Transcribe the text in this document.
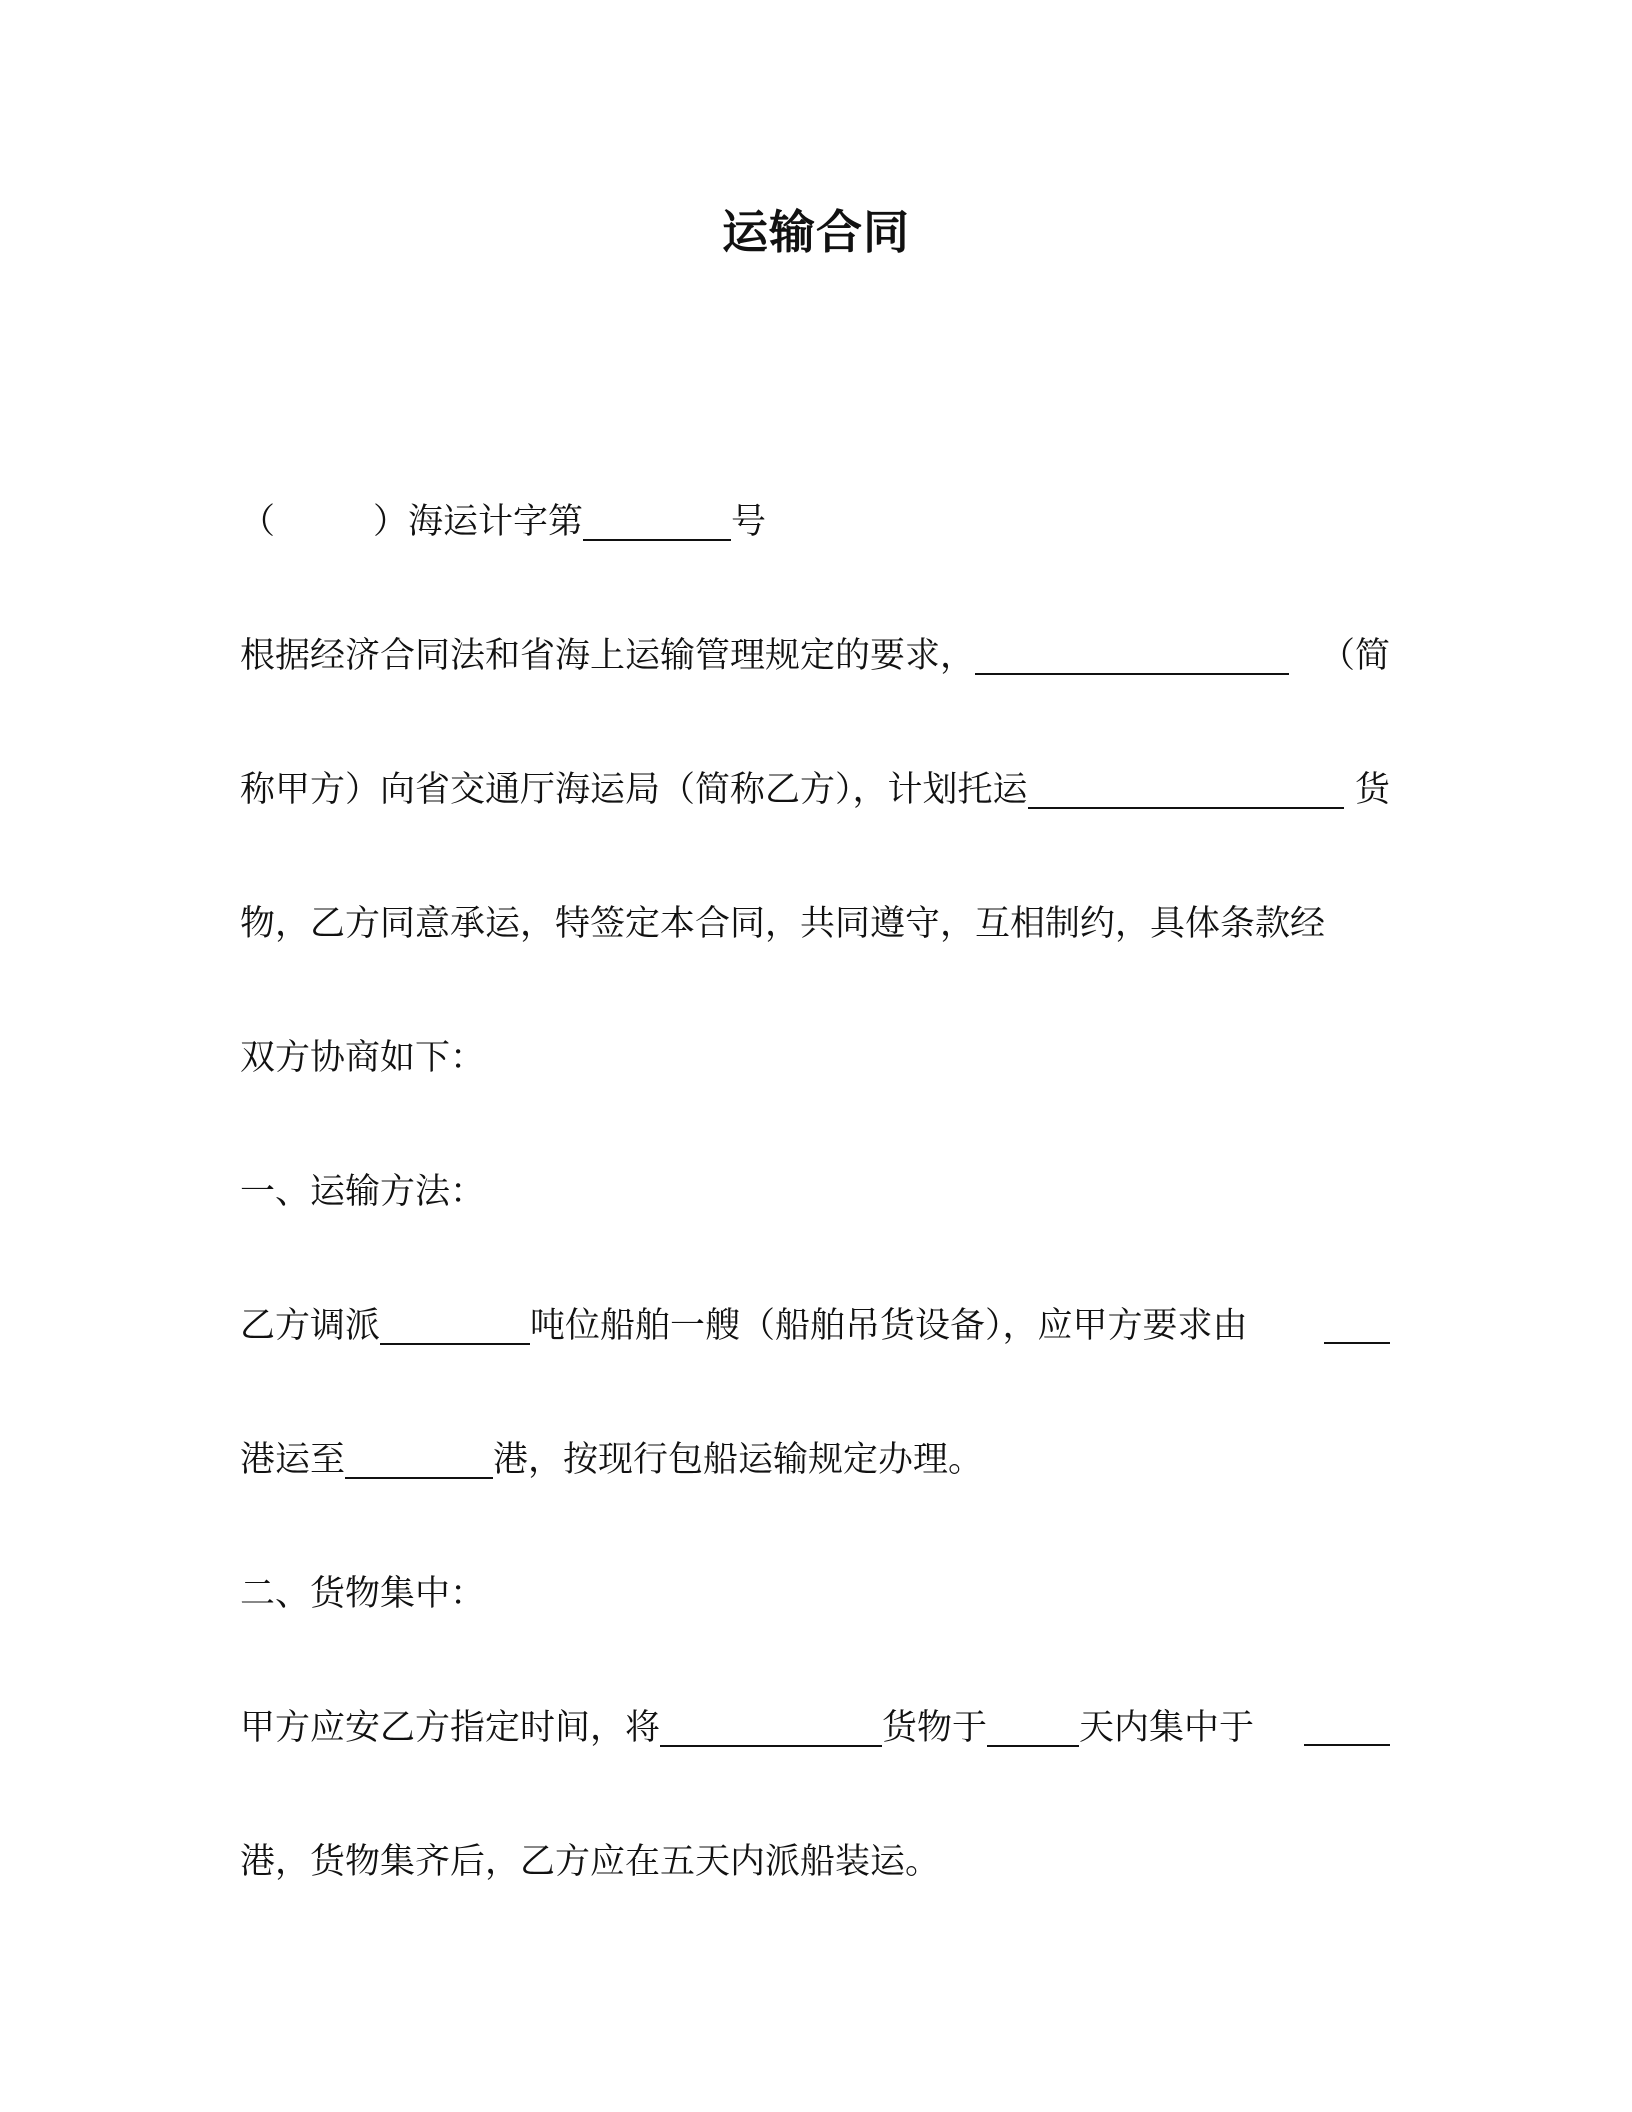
运输合同
（	）海运计字第	号
根据经济合同法和省海上运输管理规定的要求，	（简
称甲方）向省交通厅海运局（简称乙方），计划托运	货
物，乙方同意承运，特签定本合同，共同遵守，互相制约，具体条款经
双方协商如下：
一、运输方法：
乙方调派	吨位船舶一艘（船舶吊货设备），应甲方要求由
港运至	港，按现行包船运输规定办理。
二、货物集中：
甲方应安乙方指定时间，将	货物于	天内集中于
港，货物集齐后，乙方应在五天内派船装运。
